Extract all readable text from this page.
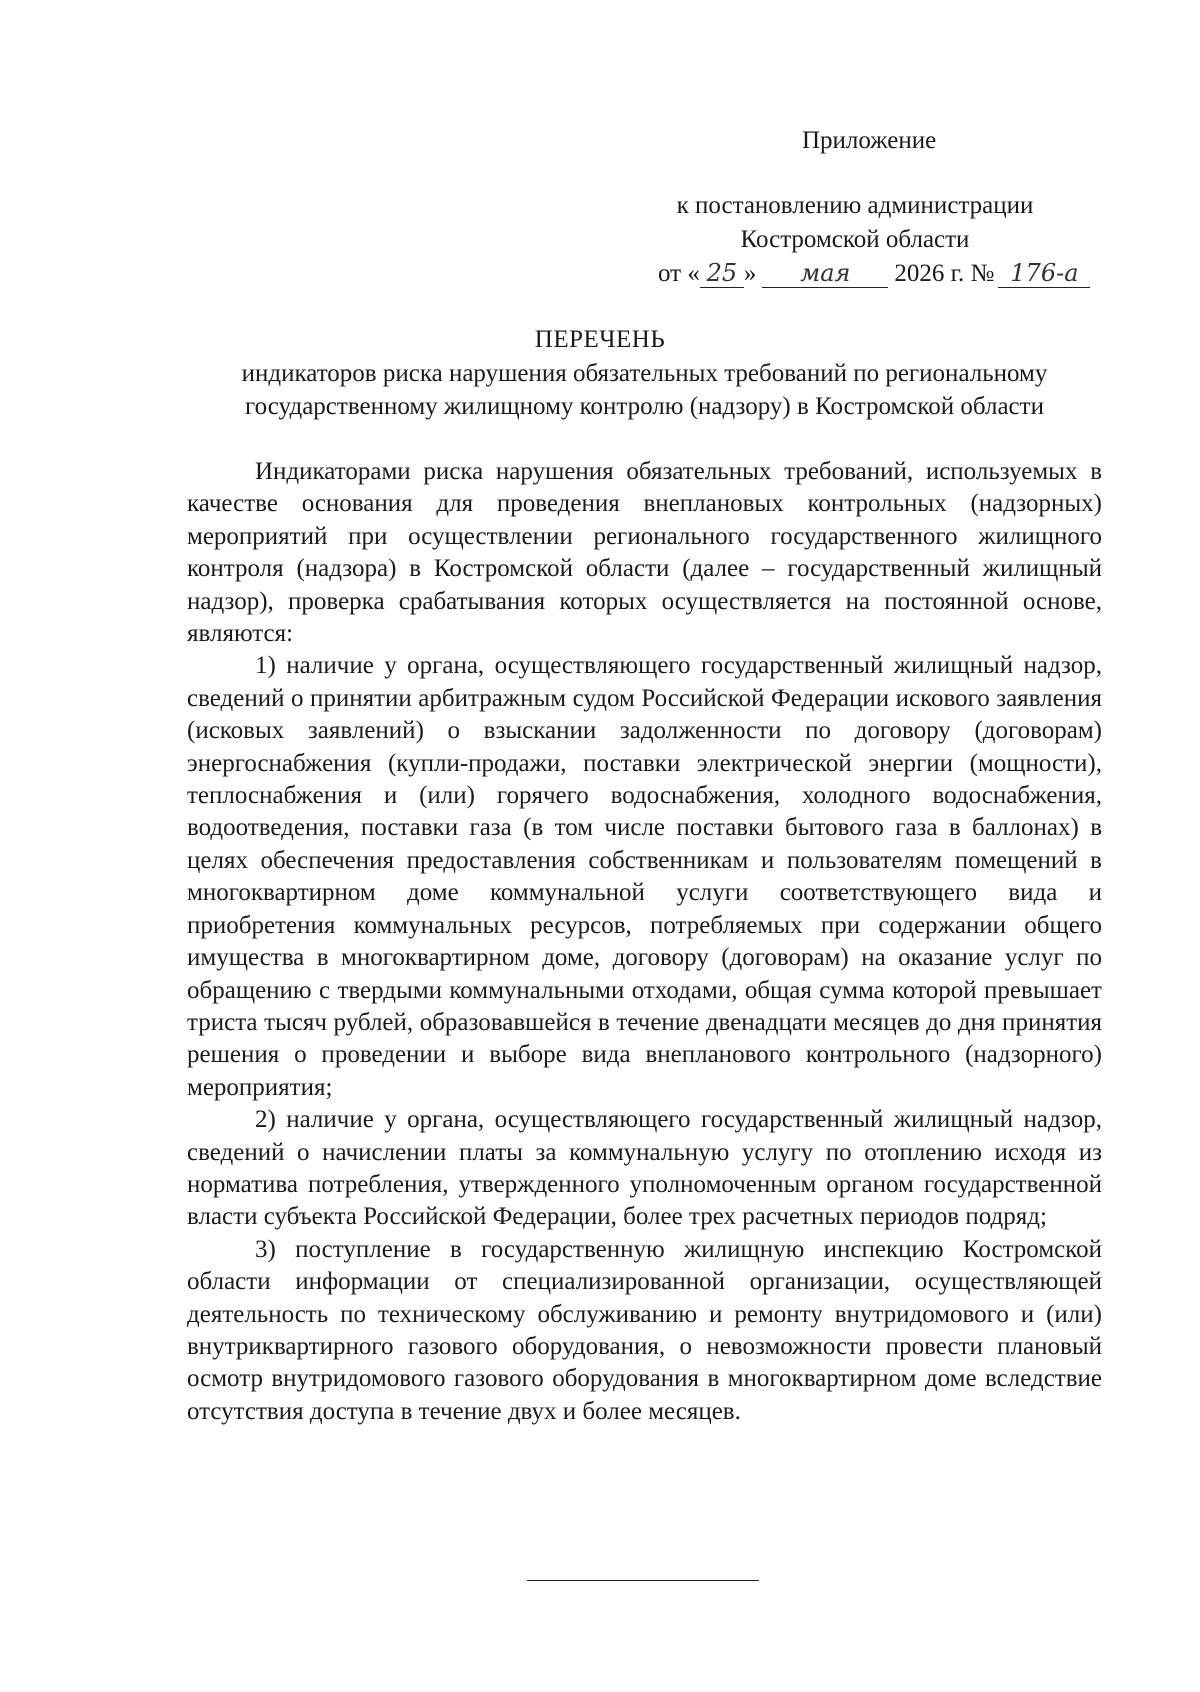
Приложение
к постановлению администрации
Костромской области
от « 25 » мая 2026 г. № 176-а
ПЕРЕЧЕНЬ
индикаторов риска нарушения обязательных требований по региональному государственному жилищному контролю (надзору) в Костромской области

Индикаторами риска нарушения обязательных требований, используемых в качестве основания для проведения внеплановых контрольных (надзорных) мероприятий при осуществлении регионального государственного жилищного контроля (надзора) в Костромской области (далее – государственный жилищный надзор), проверка срабатывания которых осуществляется на постоянной основе, являются:

1) наличие у органа, осуществляющего государственный жилищный надзор, сведений о принятии арбитражным судом Российской Федерации искового заявления (исковых заявлений) о взыскании задолженности по договору (договорам) энергоснабжения (купли-продажи, поставки электрической энергии (мощности), теплоснабжения и (или) горячего водоснабжения, холодного водоснабжения, водоотведения, поставки газа (в том числе поставки бытового газа в баллонах) в целях обеспечения предоставления собственникам и пользователям помещений в многоквартирном доме коммунальной услуги соответствующего вида и приобретения коммунальных ресурсов, потребляемых при содержании общего имущества в многоквартирном доме, договору (договорам) на оказание услуг по обращению с твердыми коммунальными отходами, общая сумма которой превышает триста тысяч рублей, образовавшейся в течение двенадцати месяцев до дня принятия решения о проведении и выборе вида внепланового контрольного (надзорного) мероприятия;

2) наличие у органа, осуществляющего государственный жилищный надзор, сведений о начислении платы за коммунальную услугу по отоплению исходя из норматива потребления, утвержденного уполномоченным органом государственной власти субъекта Российской Федерации, более трех расчетных периодов подряд;

3) поступление в государственную жилищную инспекцию Костромской области информации от специализированной организации, осуществляющей деятельность по техническому обслуживанию и ремонту внутридомового и (или) внутриквартирного газового оборудования, о невозможности провести плановый осмотр внутридомового газового оборудования в многоквартирном доме вследствие отсутствия доступа в течение двух и более месяцев.
